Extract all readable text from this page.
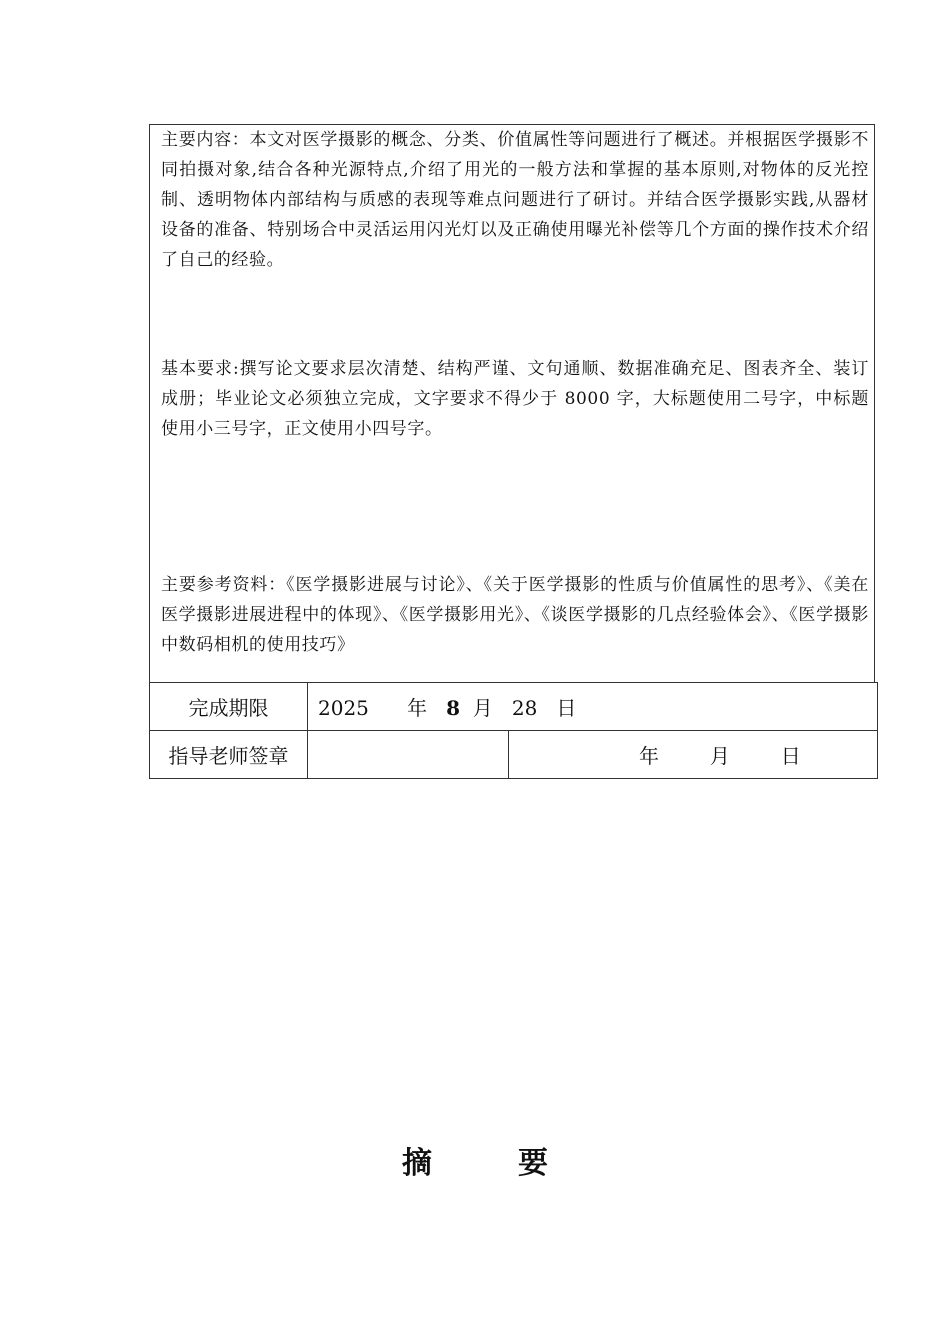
主要内容：本文对医学摄影的概念、分类、价值属性等问题进行了概述。并根据医学摄影不同拍摄对象,结合各种光源特点,介绍了用光的一般方法和掌握的基本原则,对物体的反光控制、透明物体内部结构与质感的表现等难点问题进行了研讨。并结合医学摄影实践,从器材设备的准备、特别场合中灵活运用闪光灯以及正确使用曝光补偿等几个方面的操作技术介绍了自己的经验。
基本要求:撰写论文要求层次清楚、结构严谨、文句通顺、数据准确充足、图表齐全、装订成册；毕业论文必须独立完成，文字要求不得少于 8000 字，大标题使用二号字，中标题使用小三号字，正文使用小四号字。
主要参考资料：《医学摄影进展与讨论》、《关于医学摄影的性质与价值属性的思考》、《美在医学摄影进展进程中的体现》、《医学摄影用光》、《谈医学摄影的几点经验体会》、《医学摄影中数码相机的使用技巧》
完成期限	2025 年 8 月 28 日	
指导老师签章		年 月 日
摘	要
